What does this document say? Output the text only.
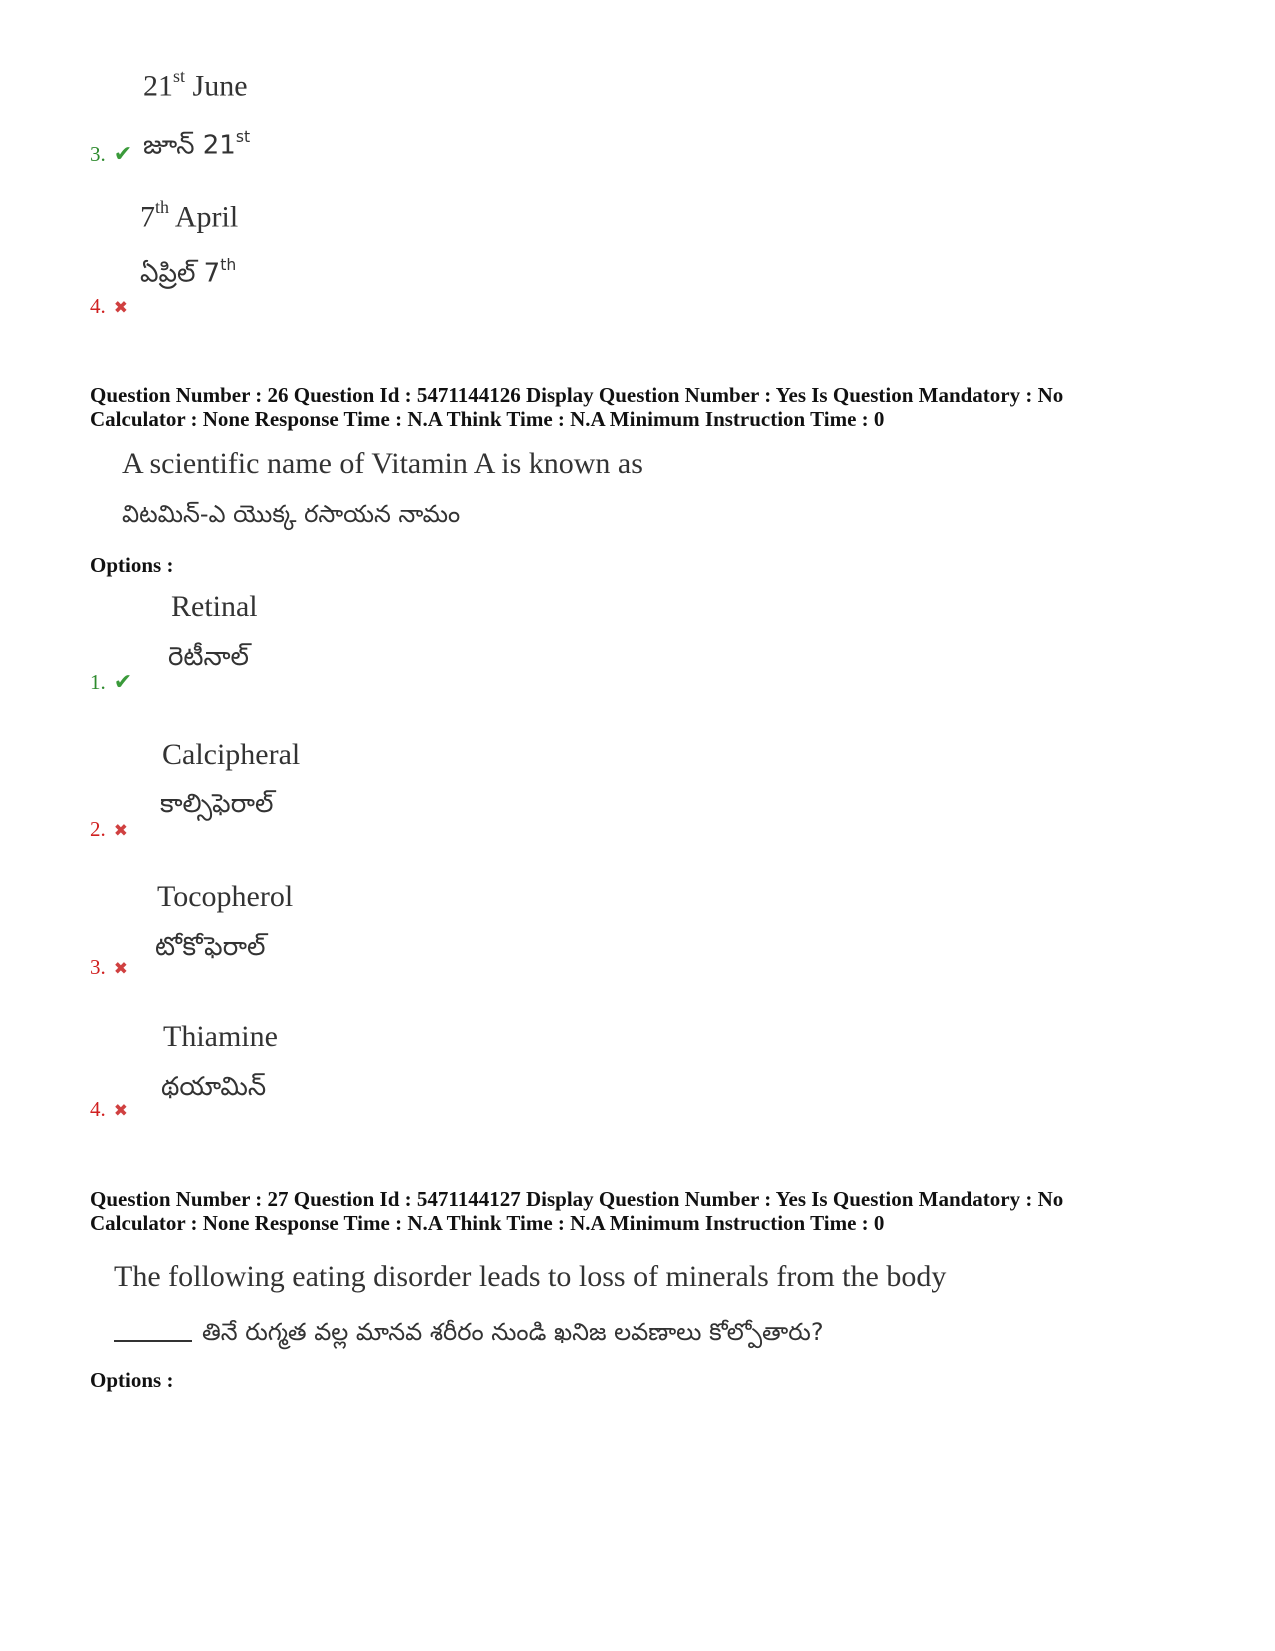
21st June
జూన్ 21st
3. ✔
7th April
ఏప్రిల్ 7th
4. ✖
Question Number : 26 Question Id : 5471144126 Display Question Number : Yes Is Question Mandatory : No
Calculator : None Response Time : N.A Think Time : N.A Minimum Instruction Time : 0
A scientific name of Vitamin A is known as
విటమిన్-ఎ యొక్క రసాయన నామం
Options :
Retinal
రెటీనాల్
1. ✔
Calcipheral
కాల్సిఫెరాల్
2. ✖
Tocopherol
టోకోఫెరాల్
3. ✖
Thiamine
థయామిన్
4. ✖
Question Number : 27 Question Id : 5471144127 Display Question Number : Yes Is Question Mandatory : No
Calculator : None Response Time : N.A Think Time : N.A Minimum Instruction Time : 0
The following eating disorder leads to loss of minerals from the body
తినే రుగ్మత వల్ల మానవ శరీరం నుండి ఖనిజ లవణాలు కోల్పోతారు?
Options :
